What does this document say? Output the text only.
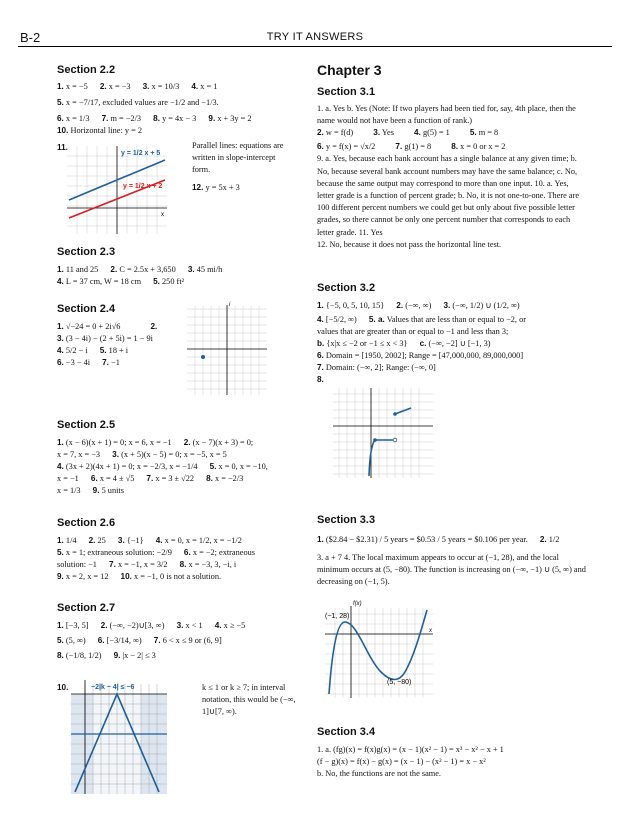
B-2	TRY IT ANSWERS
Section 2.2
1. x = −5 2. x = −3 3. x = 10/3 4. x = 1
5. x = −7/17, excluded values are −1/2 and −1/3.
6. x = 1/3 7. m = −2/3 8. y = 4x − 3 9. x + 3y = 2
10. Horizontal line: y = 2
11.
y = 1/2 x + 5
y = 1/2 x + 2
x
Parallel lines: equations are written in slope-intercept form.
12. y = 5x + 3
Section 2.3
1. 11 and 25 2. C = 2.5x + 3,650 3. 45 mi/h
4. L = 37 cm, W = 18 cm 5. 250 ft²
Section 2.4
1. √−24 = 0 + 2i√6	2.
3. (3 − 4i) − (2 + 5i) = 1 − 9i
4. 5/2 − i 5. 18 + i
6. −3 − 4i 7. −1
i
Section 2.5
1. (x − 6)(x + 1) = 0; x = 6, x = −1 2. (x − 7)(x + 3) = 0;
x = 7, x = −3 3. (x + 5)(x − 5) = 0; x = −5, x = 5
4. (3x + 2)(4x + 1) = 0; x = −2/3, x = −1/4 5. x = 0, x = −10,
x = −1 6. x = 4 ± √5 7. x = 3 ± √22 8. x = −2/3
x = 1/3 9. 5 units
Section 2.6
1. 1/4 2. 25 3. {−1} 4. x = 0, x = 1/2, x = −1/2
5. x = 1; extraneous solution: −2/9 6. x = −2; extraneous
solution: −1 7. x = −1, x = 3/2 8. x = −3, 3, −i, i
9. x = 2, x = 12 10. x = −1, 0 is not a solution.
Section 2.7
1. [−3, 5] 2. (−∞, −2)∪[3, ∞) 3. x < 1 4. x ≥ −5
5. (5, ∞) 6. [−3/14, ∞) 7. 6 < x ≤ 9 or (6, 9]
8. (−1/8, 1/2) 9. |x − 2| ≤ 3
10.	−2|k − 4| ≤ −6	k ≤ 1 or k ≥ 7; in interval notation, this would be (−∞, 1]∪[7, ∞).
Chapter 3
Section 3.1
1. a. Yes b. Yes (Note: If two players had been tied for, say, 4th place, then the name would not have been a function of rank.)
2. w = f(d) 3. Yes 4. g(5) = 1 5. m = 8
6. y = f(x) = √x/2 7. g(1) = 8 8. x = 0 or x = 2
9. a. Yes, because each bank account has a single balance at any given time; b. No, because several bank account numbers may have the same balance; c. No, because the same output may correspond to more than one input. 10. a. Yes, letter grade is a function of percent grade; b. No, it is not one-to-one. There are 100 different percent numbers we could get but only about five possible letter grades, so there cannot be only one percent number that corresponds to each letter grade. 11. Yes
12. No, because it does not pass the horizontal line test.
Section 3.2
1. {−5, 0, 5, 10, 15} 2. (−∞, ∞) 3. (−∞, 1/2) ∪ (1/2, ∞)
4. [−5/2, ∞) 5. a. Values that are less than or equal to −2, or
values that are greater than or equal to −1 and less than 3;
b. {x|x ≤ −2 or −1 ≤ x < 3} c. (−∞, −2] ∪ [−1, 3)
6. Domain = [1950, 2002]; Range = [47,000,000, 89,000,000]
7. Domain: (−∞, 2]; Range: (−∞, 0]
8.
Section 3.3
1. ($2.84 − $2.31) / 5 years = $0.53 / 5 years = $0.106 per year. 2. 1/2
3. a + 7 4. The local maximum appears to occur at (−1, 28), and the local minimum occurs at (5, −80). The function is increasing on (−∞, −1) ∪ (5, ∞) and decreasing on (−1, 5).
f(x)
x
(−1, 28)
(5, −80)
Section 3.4
1. a. (fg)(x) = f(x)g(x) = (x − 1)(x² − 1) = x³ − x² − x + 1
(f − g)(x) = f(x) − g(x) = (x − 1) − (x² − 1) = x − x²
b. No, the functions are not the same.
